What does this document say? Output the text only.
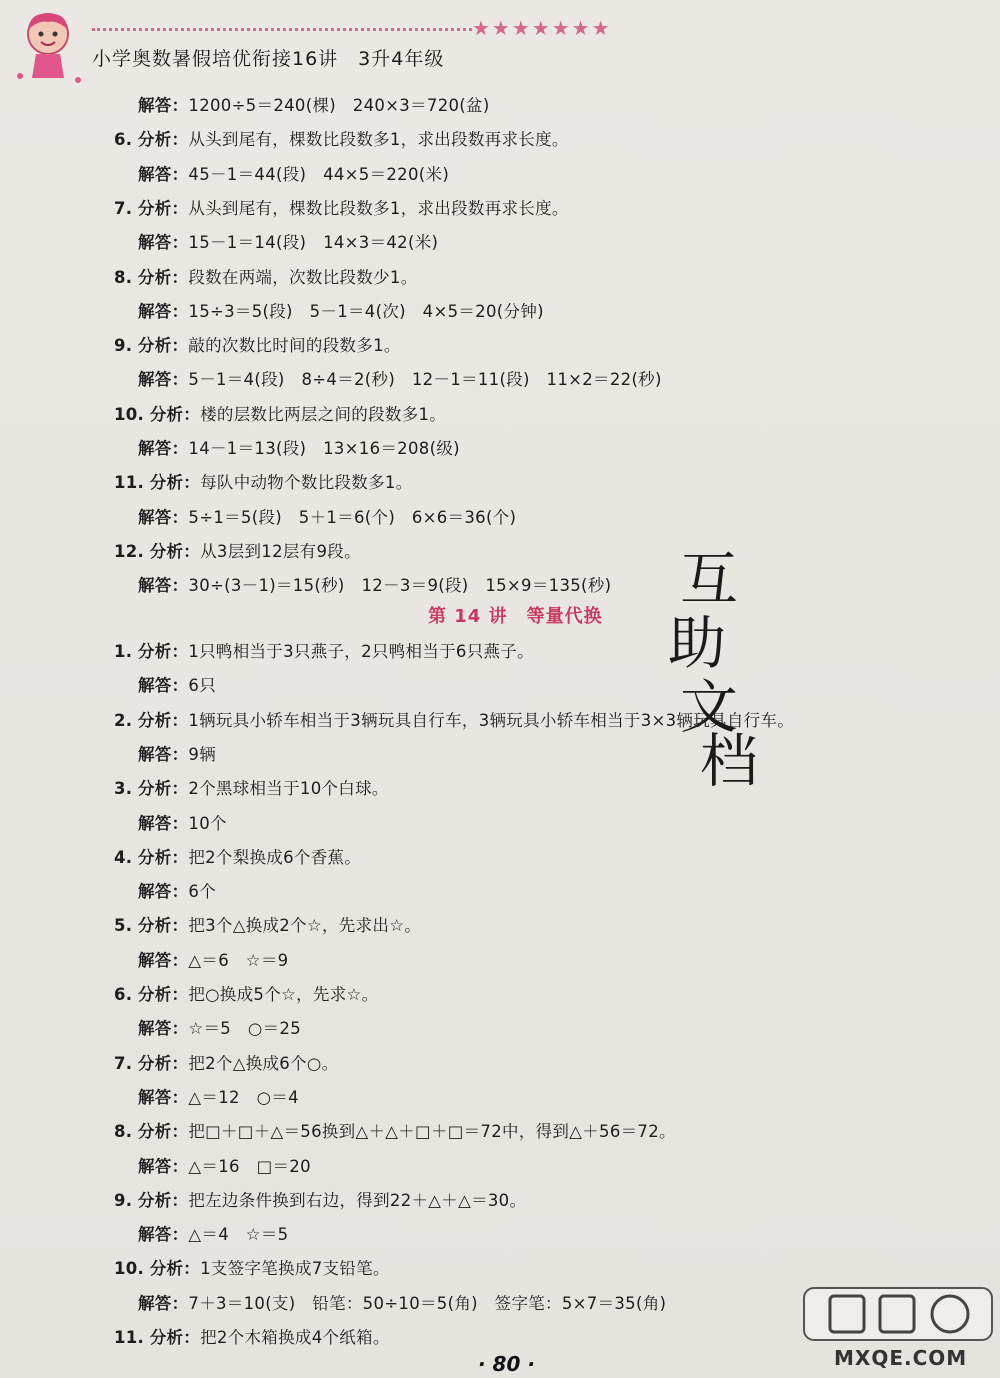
★★★★★★★
小学奥数暑假培优衔接16讲　3升4年级
解答：1200÷5＝240(棵)　240×3＝720(盆)
6. 分析：从头到尾有，棵数比段数多1，求出段数再求长度。
解答：45－1＝44(段)　44×5＝220(米)
7. 分析：从头到尾有，棵数比段数多1，求出段数再求长度。
解答：15－1＝14(段)　14×3＝42(米)
8. 分析：段数在两端，次数比段数少1。
解答：15÷3＝5(段)　5－1＝4(次)　4×5＝20(分钟)
9. 分析：敲的次数比时间的段数多1。
解答：5－1＝4(段)　8÷4＝2(秒)　12－1＝11(段)　11×2＝22(秒)
10. 分析：楼的层数比两层之间的段数多1。
解答：14－1＝13(段)　13×16＝208(级)
11. 分析：每队中动物个数比段数多1。
解答：5÷1＝5(段)　5＋1＝6(个)　6×6＝36(个)
12. 分析：从3层到12层有9段。
解答：30÷(3－1)＝15(秒)　12－3＝9(段)　15×9＝135(秒)
第 14 讲　等量代换
1. 分析：1只鸭相当于3只燕子，2只鸭相当于6只燕子。
解答：6只
2. 分析：1辆玩具小轿车相当于3辆玩具自行车，3辆玩具小轿车相当于3×3辆玩具自行车。
解答：9辆
3. 分析：2个黑球相当于10个白球。
解答：10个
4. 分析：把2个梨换成6个香蕉。
解答：6个
5. 分析：把3个△换成2个☆，先求出☆。
解答：△＝6　☆＝9
6. 分析：把○换成5个☆，先求☆。
解答：☆＝5　○＝25
7. 分析：把2个△换成6个○。
解答：△＝12　○＝4
8. 分析：把□＋□＋△＝56换到△＋△＋□＋□＝72中，得到△＋56＝72。
解答：△＝16　□＝20
9. 分析：把左边条件换到右边，得到22＋△＋△＝30。
解答：△＝4　☆＝5
10. 分析：1支签字笔换成7支铅笔。
解答：7＋3＝10(支)　铅笔：50÷10＝5(角)　签字笔：5×7＝35(角)
11. 分析：把2个木箱换成4个纸箱。
互
助
文
档
· 80 ·	MXQE.COM
